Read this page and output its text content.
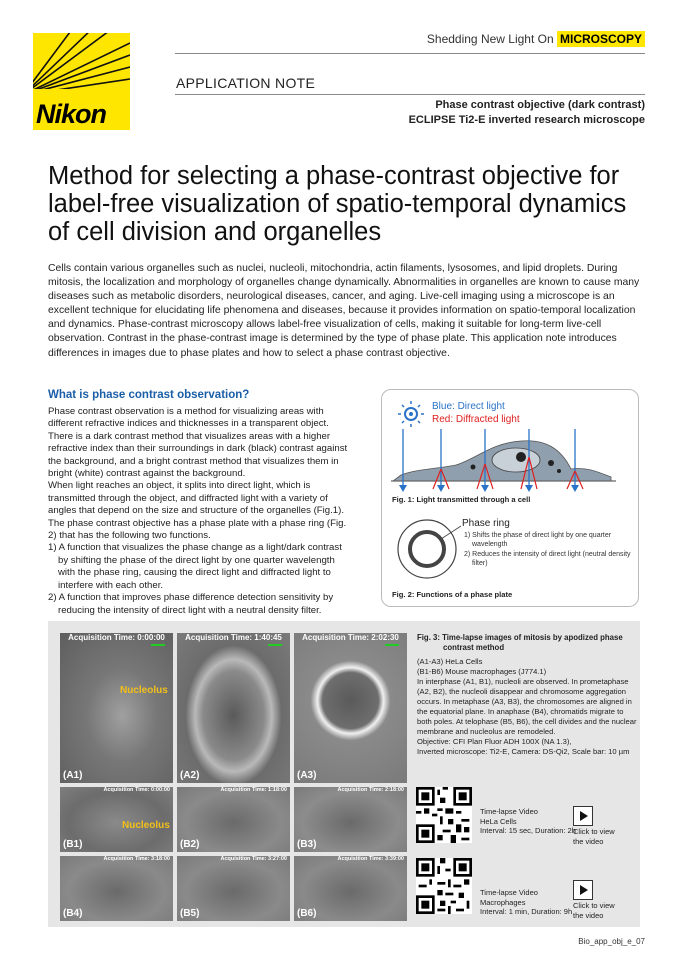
Nikon
Shedding New Light On MICROSCOPY
APPLICATION NOTE
Phase contrast objective (dark contrast)
ECLIPSE Ti2-E inverted research microscope
Method for selecting a phase-contrast objective for
label-free visualization of spatio-temporal dynamics
of cell division and organelles
Cells contain various organelles such as nuclei, nucleoli, mitochondria, actin filaments, lysosomes, and lipid droplets. During mitosis, the localization and morphology of organelles change dynamically. Abnormalities in organelles are known to cause many diseases such as metabolic disorders, neurological diseases, cancer, and aging. Live-cell imaging using a microscope is an excellent technique for elucidating life phenomena and diseases, because it provides information on spatio-temporal localization and dynamics. Phase-contrast microscopy allows label-free visualization of cells, making it suitable for long-term live-cell observation. Contrast in the phase-contrast image is determined by the type of phase plate. This application note introduces differences in images due to phase plates and how to select a phase contrast objective.
What is phase contrast observation?

Phase contrast observation is a method for visualizing areas with different refractive indices and thicknesses in a transparent object. There is a dark contrast method that visualizes areas with a higher refractive index than their surroundings in dark (black) contrast against the background, and a bright contrast method that visualizes them in bright (white) contrast against the background.

When light reaches an object, it splits into direct light, which is transmitted through the object, and diffracted light with a variety of angles that depend on the size and structure of the organelles (Fig.1). The phase contrast objective has a phase plate with a phase ring (Fig. 2) that has the following two functions.

1) A function that visualizes the phase change as a light/dark contrast by shifting the phase of the direct light by one quarter wavelength with the phase ring, causing the direct light and diffracted light to interfere with each other.

2) A function that improves phase difference detection sensitivity by reducing the intensity of direct light with a neutral density filter.

Blue: Direct light
Red: Diffracted light
Fig. 1: Light transmitted through a cell
Phase ring
1) Shifts the phase of direct light by one quarter wavelength
2) Reduces the intensity of direct light (neutral density filter)
Fig. 2: Functions of a phase plate
Acquisition Time: 0:00:00
Nucleolus
(A1)
Acquisition Time: 1:40:45
(A2)
Acquisition Time: 2:02:30
(A3)
Acquisition Time: 0:00:00
Nucleolus
(B1)
Acquisition Time: 1:18:00
(B2)
Acquisition Time: 2:18:00
(B3)
Acquisition Time: 3:18:00
(B4)
Acquisition Time: 3:27:00
(B5)
Acquisition Time: 3:39:00
(B6)
Fig. 3: Time-lapse images of mitosis by apodized phase contrast method
(A1-A3) HeLa Cells
(B1-B6) Mouse macrophages (J774.1)
In interphase (A1, B1), nucleoli are observed. In prometaphase (A2, B2), the nucleoli disappear and chromosome aggregation occurs. In metaphase (A3, B3), the chromosomes are aligned in the equatorial plane. In anaphase (B4), chromatids migrate to both poles. At telophase (B5, B6), the cell divides and the nuclear membrane and nucleolus are remodeled.
Objective: CFI Plan Fluor ADH 100X (NA 1.3),
Inverted microscope: Ti2-E, Camera: DS-Qi2, Scale bar: 10 µm
Time-lapse Video
HeLa Cells
Interval: 15 sec, Duration: 2h
Click to view
the video
Time-lapse Video
Macrophages
Interval: 1 min, Duration: 9h
Click to view
the video
Bio_app_obj_e_07
